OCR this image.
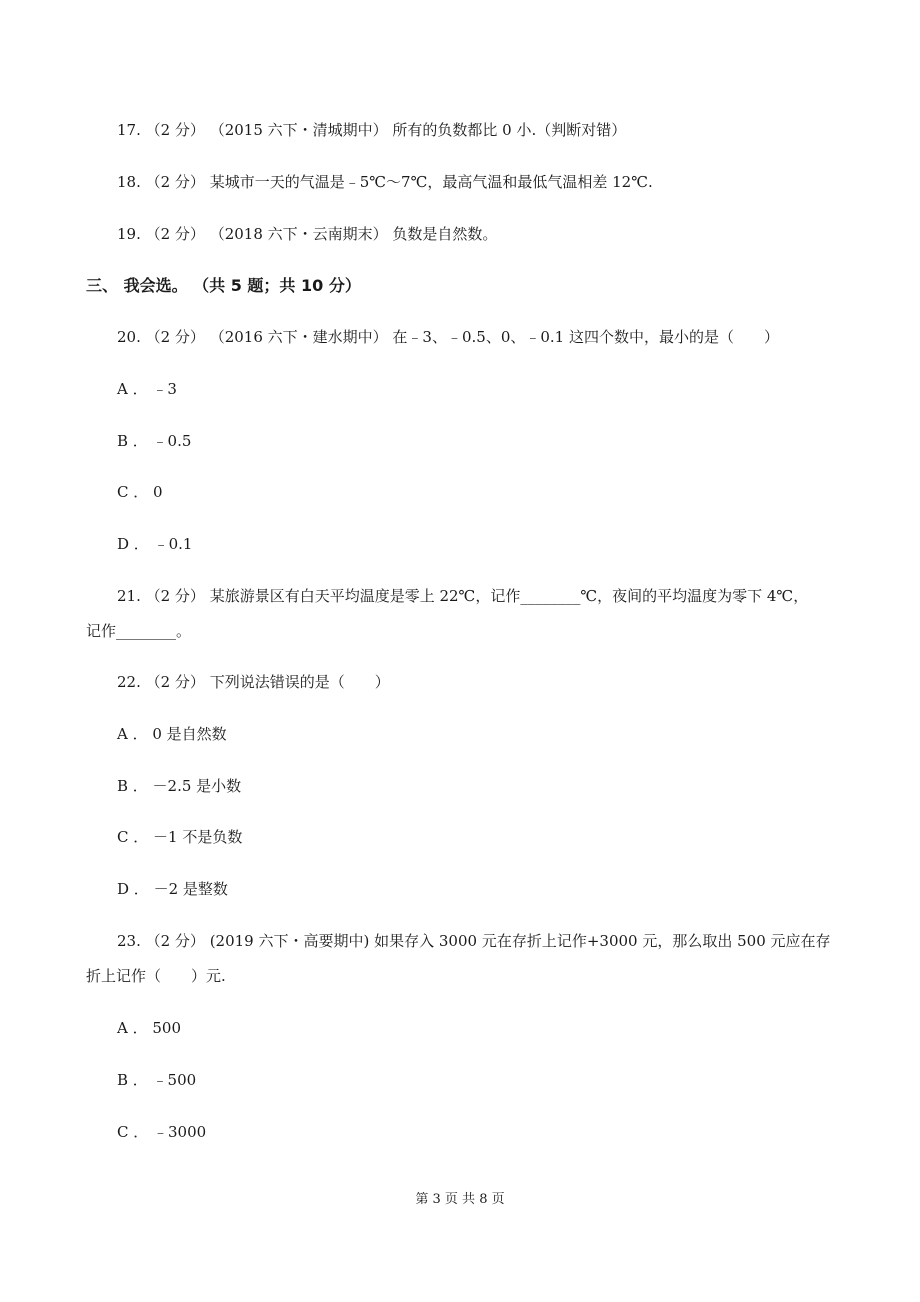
17. （2 分） （2015 六下・清城期中） 所有的负数都比 0 小.（判断对错）
18. （2 分） 某城市一天的气温是﹣5℃～7℃，最高气温和最低气温相差 12℃.
19. （2 分） （2018 六下・云南期末） 负数是自然数。
三、 我会选。 （共 5 题；共 10 分）
20. （2 分） （2016 六下・建水期中） 在﹣3、﹣0.5、0、﹣0.1 这四个数中，最小的是（　　）
A ． ﹣3
B ． ﹣0.5
C ． 0
D ． ﹣0.1
21. （2 分） 某旅游景区有白天平均温度是零上 22℃，记作________℃，夜间的平均温度为零下 4℃，
记作________。
22. （2 分） 下列说法错误的是（　　）
A ． 0 是自然数
B ． －2.5 是小数
C ． －1 不是负数
D ． －2 是整数
23. （2 分） (2019 六下・高要期中) 如果存入 3000 元在存折上记作+3000 元，那么取出 500 元应在存
折上记作（　　）元.
A ． 500
B ． ﹣500
C ． ﹣3000
第 3 页 共 8 页
